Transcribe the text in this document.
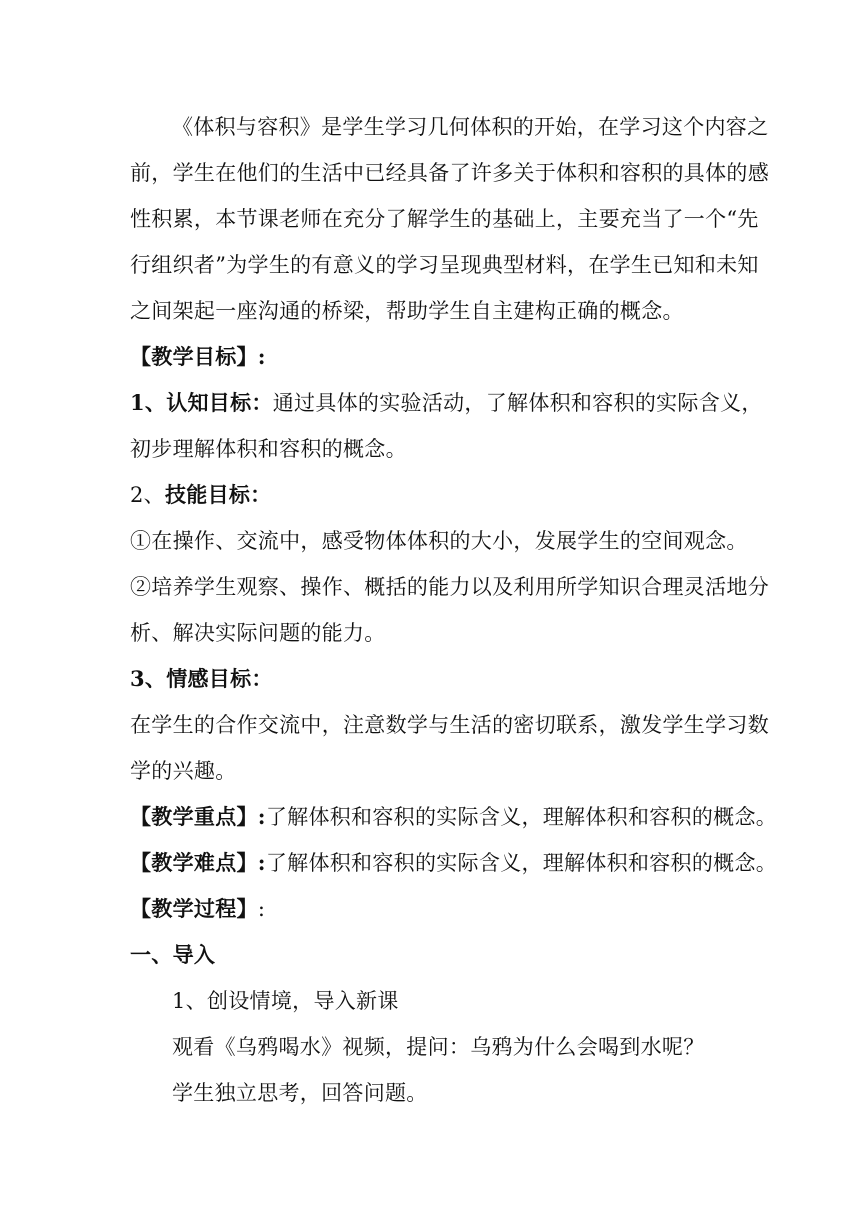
《体积与容积》是学生学习几何体积的开始，在学习这个内容之
前，学生在他们的生活中已经具备了许多关于体积和容积的具体的感
性积累，本节课老师在充分了解学生的基础上，主要充当了一个“先
行组织者”为学生的有意义的学习呈现典型材料，在学生已知和未知
之间架起一座沟通的桥梁，帮助学生自主建构正确的概念。
【教学目标】:
1、认知目标：通过具体的实验活动，了解体积和容积的实际含义，
初步理解体积和容积的概念。
2、技能目标：
①在操作、交流中，感受物体体积的大小，发展学生的空间观念。
②培养学生观察、操作、概括的能力以及利用所学知识合理灵活地分
析、解决实际问题的能力。
3、情感目标：
在学生的合作交流中，注意数学与生活的密切联系，激发学生学习数
学的兴趣。
【教学重点】:了解体积和容积的实际含义，理解体积和容积的概念。
【教学难点】:了解体积和容积的实际含义，理解体积和容积的概念。
【教学过程】:
一、导入
1、创设情境，导入新课
观看《乌鸦喝水》视频，提问：乌鸦为什么会喝到水呢？
学生独立思考，回答问题。
